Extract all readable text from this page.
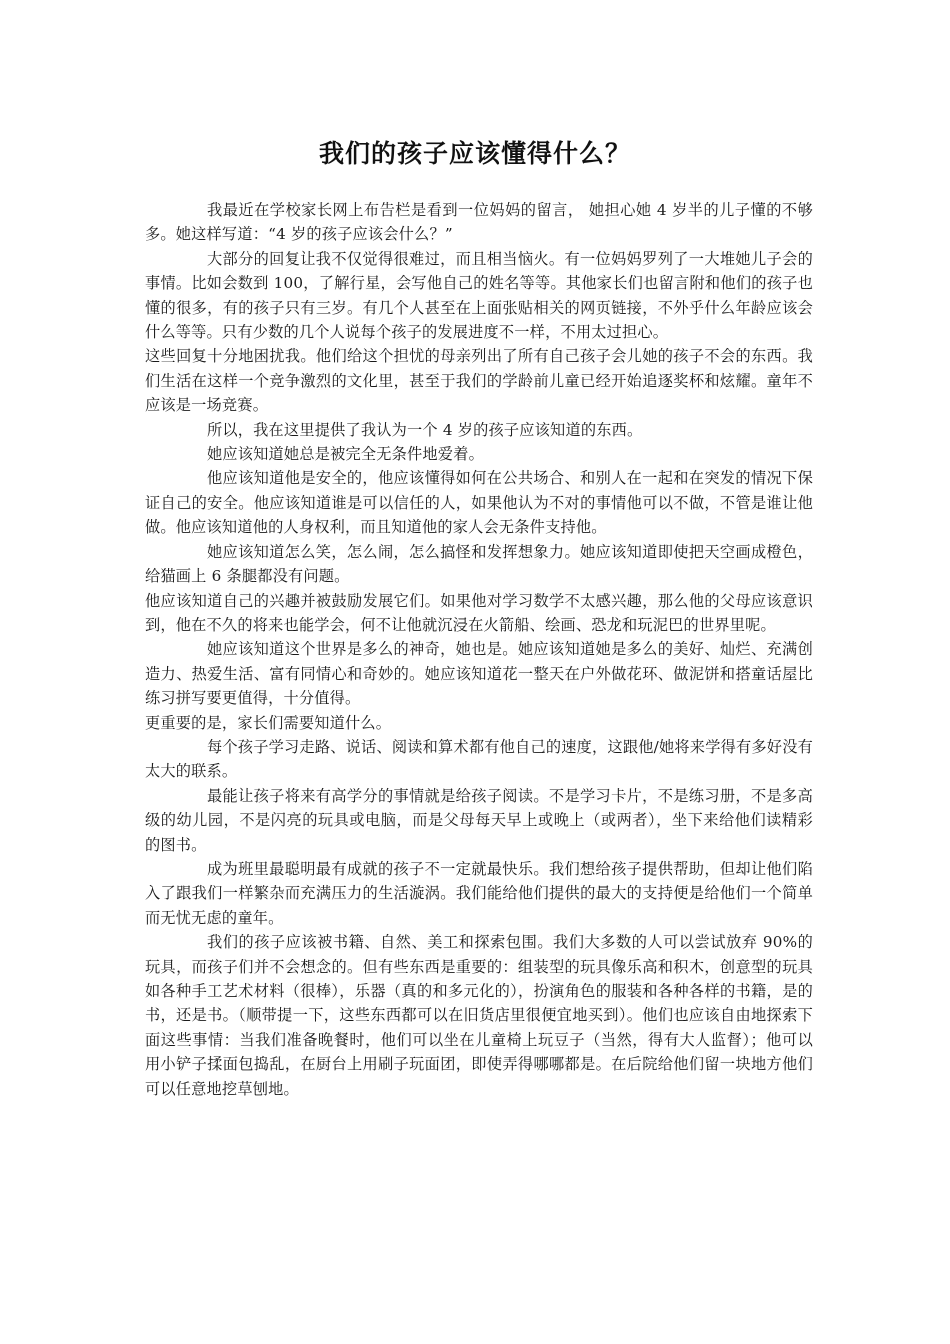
我们的孩子应该懂得什么？

我最近在学校家长网上布告栏是看到一位妈妈的留言， 她担心她 4 岁半的儿子懂的不够多。她这样写道：“4 岁的孩子应该会什么？”

大部分的回复让我不仅觉得很难过，而且相当恼火。有一位妈妈罗列了一大堆她儿子会的事情。比如会数到 100，了解行星，会写他自己的姓名等等。其他家长们也留言附和他们的孩子也懂的很多，有的孩子只有三岁。有几个人甚至在上面张贴相关的网页链接，不外乎什么年龄应该会什么等等。只有少数的几个人说每个孩子的发展进度不一样，不用太过担心。

这些回复十分地困扰我。他们给这个担忧的母亲列出了所有自己孩子会儿她的孩子不会的东西。我们生活在这样一个竞争激烈的文化里，甚至于我们的学龄前儿童已经开始追逐奖杯和炫耀。童年不应该是一场竞赛。

所以，我在这里提供了我认为一个 4 岁的孩子应该知道的东西。

她应该知道她总是被完全无条件地爱着。

他应该知道他是安全的，他应该懂得如何在公共场合、和别人在一起和在突发的情况下保证自己的安全。他应该知道谁是可以信任的人，如果他认为不对的事情他可以不做，不管是谁让他做。他应该知道他的人身权利，而且知道他的家人会无条件支持他。

她应该知道怎么笑，怎么闹，怎么搞怪和发挥想象力。她应该知道即使把天空画成橙色，给猫画上 6 条腿都没有问题。

他应该知道自己的兴趣并被鼓励发展它们。如果他对学习数学不太感兴趣，那么他的父母应该意识到，他在不久的将来也能学会，何不让他就沉浸在火箭船、绘画、恐龙和玩泥巴的世界里呢。

她应该知道这个世界是多么的神奇，她也是。她应该知道她是多么的美好、灿烂、充满创造力、热爱生活、富有同情心和奇妙的。她应该知道花一整天在户外做花环、做泥饼和搭童话屋比练习拼写要更值得，十分值得。

更重要的是，家长们需要知道什么。

每个孩子学习走路、说话、阅读和算术都有他自己的速度，这跟他/她将来学得有多好没有太大的联系。

最能让孩子将来有高学分的事情就是给孩子阅读。不是学习卡片，不是练习册，不是多高级的幼儿园，不是闪亮的玩具或电脑，而是父母每天早上或晚上（或两者），坐下来给他们读精彩的图书。

成为班里最聪明最有成就的孩子不一定就最快乐。我们想给孩子提供帮助，但却让他们陷入了跟我们一样繁杂而充满压力的生活漩涡。我们能给他们提供的最大的支持便是给他们一个简单而无忧无虑的童年。

我们的孩子应该被书籍、自然、美工和探索包围。我们大多数的人可以尝试放弃 90%的玩具，而孩子们并不会想念的。但有些东西是重要的：组装型的玩具像乐高和积木，创意型的玩具如各种手工艺术材料（很棒），乐器（真的和多元化的），扮演角色的服装和各种各样的书籍，是的书，还是书。（顺带提一下，这些东西都可以在旧货店里很便宜地买到）。他们也应该自由地探索下面这些事情：当我们准备晚餐时，他们可以坐在儿童椅上玩豆子（当然，得有大人监督）；他可以用小铲子揉面包捣乱，在厨台上用刷子玩面团，即使弄得哪哪都是。在后院给他们留一块地方他们可以任意地挖草刨地。
